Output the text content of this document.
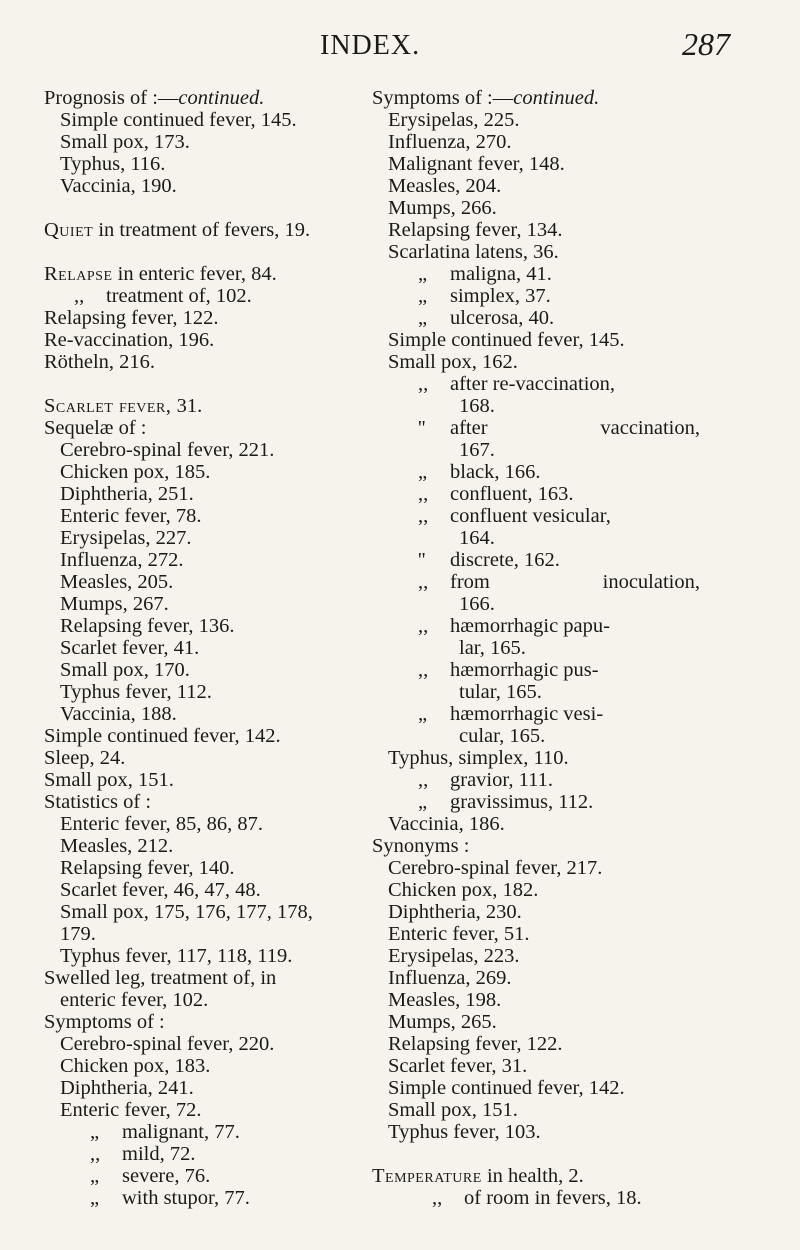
INDEX.	287
Prognosis of :—continued.
Simple continued fever, 145.
Small pox, 173.
Typhus, 116.
Vaccinia, 190.
Quiet in treatment of fevers, 19.
Relapse in enteric fever, 84.
,, treatment of, 102.
Relapsing fever, 122.
Re-vaccination, 196.
Rötheln, 216.
Scarlet fever, 31.
Sequelæ of :
Cerebro-spinal fever, 221.
Chicken pox, 185.
Diphtheria, 251.
Enteric fever, 78.
Erysipelas, 227.
Influenza, 272.
Measles, 205.
Mumps, 267.
Relapsing fever, 136.
Scarlet fever, 41.
Small pox, 170.
Typhus fever, 112.
Vaccinia, 188.
Simple continued fever, 142.
Sleep, 24.
Small pox, 151.
Statistics of :
Enteric fever, 85, 86, 87.
Measles, 212.
Relapsing fever, 140.
Scarlet fever, 46, 47, 48.
Small pox, 175, 176, 177, 178,
179.
Typhus fever, 117, 118, 119.
Swelled leg, treatment of, in
enteric fever, 102.
Symptoms of :
Cerebro-spinal fever, 220.
Chicken pox, 183.
Diphtheria, 241.
Enteric fever, 72.
„ malignant, 77.
,, mild, 72.
„ severe, 76.
„ with stupor, 77.
Symptoms of :—continued.
Erysipelas, 225.
Influenza, 270.
Malignant fever, 148.
Measles, 204.
Mumps, 266.
Relapsing fever, 134.
Scarlatina latens, 36.
„ maligna, 41.
„ simplex, 37.
„ ulcerosa, 40.
Simple continued fever, 145.
Small pox, 162.
,, after re-vaccination,
168.
'' after	vaccination,
167.
„ black, 166.
,, confluent, 163.
,, confluent vesicular,
164.
'' discrete, 162.
,, from	inoculation,
166.
,, hæmorrhagic papu-
lar, 165.
,, hæmorrhagic pus-
tular, 165.
„ hæmorrhagic vesi-
cular, 165.
Typhus, simplex, 110.
,, gravior, 111.
„ gravissimus, 112.
Vaccinia, 186.
Synonyms :
Cerebro-spinal fever, 217.
Chicken pox, 182.
Diphtheria, 230.
Enteric fever, 51.
Erysipelas, 223.
Influenza, 269.
Measles, 198.
Mumps, 265.
Relapsing fever, 122.
Scarlet fever, 31.
Simple continued fever, 142.
Small pox, 151.
Typhus fever, 103.
Temperature in health, 2.
,, of room in fevers, 18.
